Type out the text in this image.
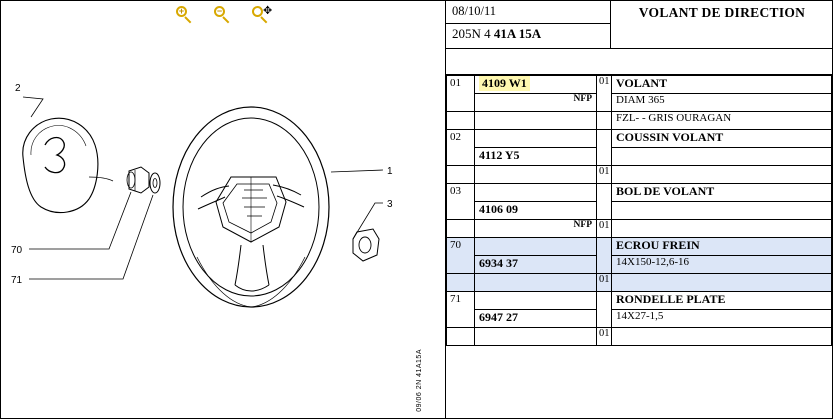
+	−	✥
2
1
3
70
71
09/06 2N 41A15A
08/10/11
205N 4 41A 15A
VOLANT DE DIRECTION
01	4109 W1	01	VOLANT

	NFP		DIAM 365

			FZL- - GRIS OURAGAN

02			COUSSIN VOLANT

	4112 Y5		

		01	

03			BOL DE VOLANT

	4106 09		

	NFP	01	

70			ECROU FREIN

	6934 37		14X150-12,6-16

		01	

71			RONDELLE PLATE

	6947 27		14X27-1,5

		01	
